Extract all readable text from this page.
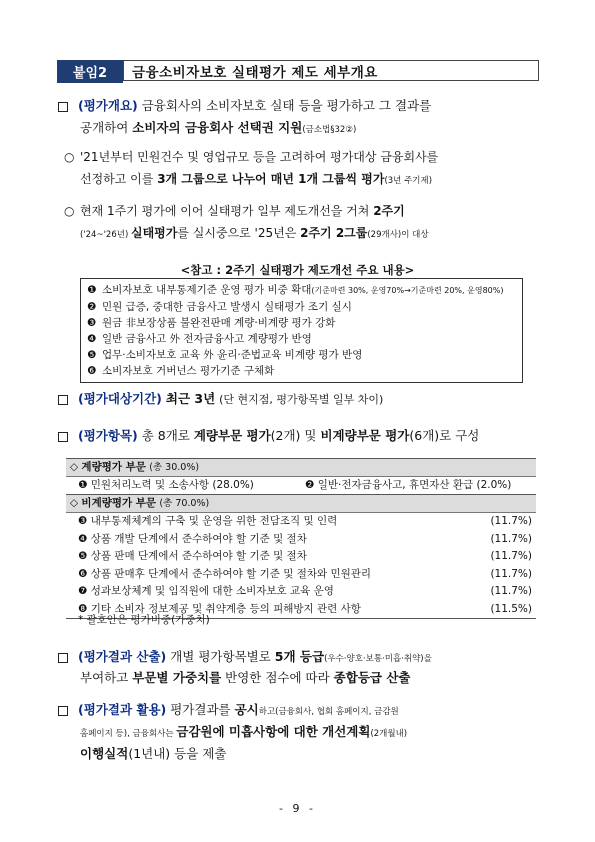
붙임2	금융소비자보호 실태평가 제도 세부개요
(평가개요) 금융회사의 소비자보호 실태 등을 평가하고 그 결과를
공개하여 소비자의 금융회사 선택권 지원(금소법§32②)
○ '21년부터 민원건수 및 영업규모 등을 고려하여 평가대상 금융회사를
선정하고 이를 3개 그룹으로 나누어 매년 1개 그룹씩 평가(3년 주기제)
○ 현재 1주기 평가에 이어 실태평가 일부 제도개선을 거쳐 2주기
('24~'26년) 실태평가를 실시중으로 '25년은 2주기 2그룹(29개사)이 대상
<참고 : 2주기 실태평가 제도개선 주요 내용>
❶ 소비자보호 내부통제기준 운영 평가 비중 확대(기준마련 30%, 운영70%→기준마련 20%, 운영80%)
❷ 민원 급증, 중대한 금융사고 발생시 실태평가 조기 실시
❸ 원금 非보장상품 불완전판매 계량·비계량 평가 강화
❹ 일반 금융사고 外 전자금융사고 계량평가 반영
❺ 업무·소비자보호 교육 外 윤리·준법교육 비계량 평가 반영
❻ 소비자보호 거버넌스 평가기준 구체화
(평가대상기간) 최근 3년 (단 현지점, 평가항목별 일부 차이)
(평가항목) 총 8개로 계량부문 평가(2개) 및 비계량부문 평가(6개)로 구성
◇ 계량평가 부문 (총 30.0%)
❶ 민원처리노력 및 소송사항 (28.0%)	❷ 일반·전자금융사고, 휴면자산 환급 (2.0%)
◇ 비계량평가 부문 (총 70.0%)
❸ 내부통제체계의 구축 및 운영을 위한 전담조직 및 인력	(11.7%)
❹ 상품 개발 단계에서 준수하여야 할 기준 및 절차	(11.7%)
❺ 상품 판매 단계에서 준수하여야 할 기준 및 절차	(11.7%)
❻ 상품 판매후 단계에서 준수하여야 할 기준 및 절차와 민원관리	(11.7%)
❼ 성과보상체계 및 임직원에 대한 소비자보호 교육 운영	(11.7%)
❽ 기타 소비자 정보제공 및 취약계층 등의 피해방지 관련 사항	(11.5%)
* 괄호안은 평가비중(가중치)
(평가결과 산출) 개별 평가항목별로 5개 등급(우수·양호·보통·미흡·취약)을
부여하고 부문별 가중치를 반영한 점수에 따라 종합등급 산출
(평가결과 활용) 평가결과를 공시하고(금융회사, 협회 홈페이지, 금감원
홈페이지 등), 금융회사는 금감원에 미흡사항에 대한 개선계획(2개월내)
이행실적(1년내) 등을 제출
- 9 -
